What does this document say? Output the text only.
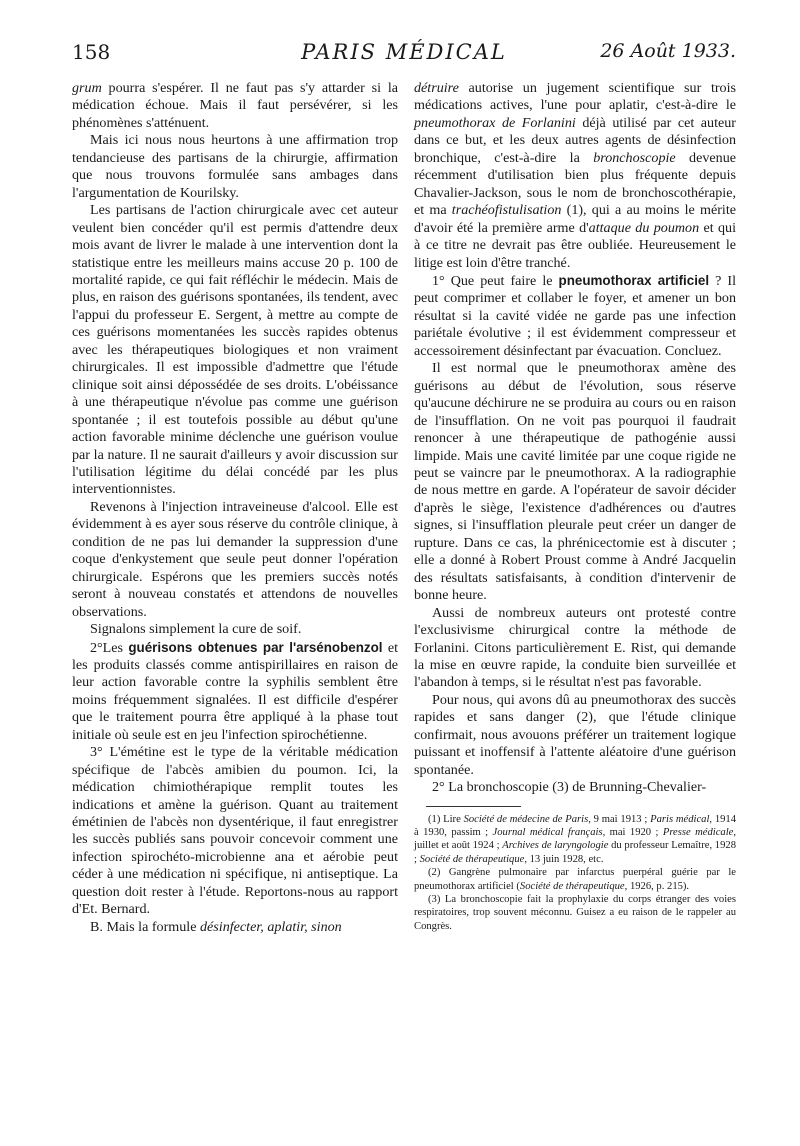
158	PARIS MÉDICAL	26 Août 1933.

grum pourra s'espérer. Il ne faut pas s'y attarder si la médication échoue. Mais il faut persévérer, si les phénomènes s'atténuent.

Mais ici nous nous heurtons à une affirmation trop tendancieuse des partisans de la chirurgie, affirmation que nous trouvons formulée sans ambages dans l'argumentation de Kourilsky.

Les partisans de l'action chirurgicale avec cet auteur veulent bien concéder qu'il est permis d'attendre deux mois avant de livrer le malade à une intervention dont la statistique entre les meilleurs mains accuse 20 p. 100 de mortalité rapide, ce qui fait réfléchir le médecin. Mais de plus, en raison des guérisons spontanées, ils tendent, avec l'appui du professeur E. Sergent, à mettre au compte de ces guérisons momentanées les succès rapides obtenus avec les thérapeutiques biologiques et non vraiment chirurgicales. Il est impossible d'admettre que l'étude clinique soit ainsi dépossédée de ses droits. L'obéissance à une thérapeutique n'évolue pas comme une guérison spontanée ; il est toutefois possible au début qu'une action favorable minime déclenche une guérison voulue par la nature. Il ne saurait d'ailleurs y avoir discussion sur l'utilisation légitime du délai concédé par les plus interventionnistes.

Revenons à l'injection intraveineuse d'alcool. Elle est évidemment à es ayer sous réserve du contrôle clinique, à condition de ne pas lui demander la suppression d'une coque d'enkystement que seule peut donner l'opération chirurgicale. Espérons que les premiers succès notés seront à nouveau constatés et attendons de nouvelles observations.

Signalons simplement la cure de soif.

2°Les guérisons obtenues par l'arsénobenzol et les produits classés comme antispirillaires en raison de leur action favorable contre la syphilis semblent être moins fréquemment signalées. Il est difficile d'espérer que le traitement pourra être appliqué à la phase tout initiale où seule est en jeu l'infection spirochétienne.

3° L'émétine est le type de la véritable médication spécifique de l'abcès amibien du poumon. Ici, la médication chimiothérapique remplit toutes les indications et amène la guérison. Quant au traitement émétinien de l'abcès non dysentérique, il faut enregistrer les succès publiés sans pouvoir concevoir comment une infection spirochéto-microbienne ana et aérobie peut céder à une médication ni spécifique, ni antiseptique. La question doit rester à l'étude. Reportons-nous au rapport d'Et. Bernard.

B. Mais la formule désinfecter, aplatir, sinon

détruire autorise un jugement scientifique sur trois médications actives, l'une pour aplatir, c'est-à-dire le pneumothorax de Forlanini déjà utilisé par cet auteur dans ce but, et les deux autres agents de désinfection bronchique, c'est-à-dire la bronchoscopie devenue récemment d'utilisation bien plus fréquente depuis Chavalier-Jackson, sous le nom de bronchoscothérapie, et ma trachéofistulisation (1), qui a au moins le mérite d'avoir été la première arme d'attaque du poumon et qui à ce titre ne devrait pas être oubliée. Heureusement le litige est loin d'être tranché.

1° Que peut faire le pneumothorax artificiel ? Il peut comprimer et collaber le foyer, et amener un bon résultat si la cavité vidée ne garde pas une infection pariétale évolutive ; il est évidemment compresseur et accessoirement désinfectant par évacuation. Concluez.

Il est normal que le pneumothorax amène des guérisons au début de l'évolution, sous réserve qu'aucune déchirure ne se produira au cours ou en raison de l'insufflation. On ne voit pas pourquoi il faudrait renoncer à une thérapeutique de pathogénie aussi limpide. Mais une cavité limitée par une coque rigide ne peut se vaincre par le pneumothorax. A la radiographie de nous mettre en garde. A l'opérateur de savoir décider d'après le siège, l'existence d'adhérences ou d'autres signes, si l'insufflation pleurale peut créer un danger de rupture. Dans ce cas, la phrénicectomie est à discuter ; elle a donné à Robert Proust comme à André Jacquelin des résultats satisfaisants, à condition d'intervenir de bonne heure.

Aussi de nombreux auteurs ont protesté contre l'exclusivisme chirurgical contre la méthode de Forlanini. Citons particulièrement E. Rist, qui demande la mise en œuvre rapide, la conduite bien surveillée et l'abandon à temps, si le résultat n'est pas favorable.

Pour nous, qui avons dû au pneumothorax des succès rapides et sans danger (2), que l'étude clinique confirmait, nous avouons préférer un traitement logique puissant et inoffensif à l'attente aléatoire d'une guérison spontanée.

2° La bronchoscopie (3) de Brunning-Chevalier-

(1) Lire Société de médecine de Paris, 9 mai 1913 ; Paris médical, 1914 à 1930, passim ; Journal médical français, mai 1920 ; Presse médicale, juillet et août 1924 ; Archives de laryngologie du professeur Lemaître, 1928 ; Société de thérapeutique, 13 juin 1928, etc.

(2) Gangrène pulmonaire par infarctus puerpéral guérie par le pneumothorax artificiel (Société de thérapeutique, 1926, p. 215).

(3) La bronchoscopie fait la prophylaxie du corps étranger des voies respiratoires, trop souvent méconnu. Guisez a eu raison de le rappeler au Congrès.
